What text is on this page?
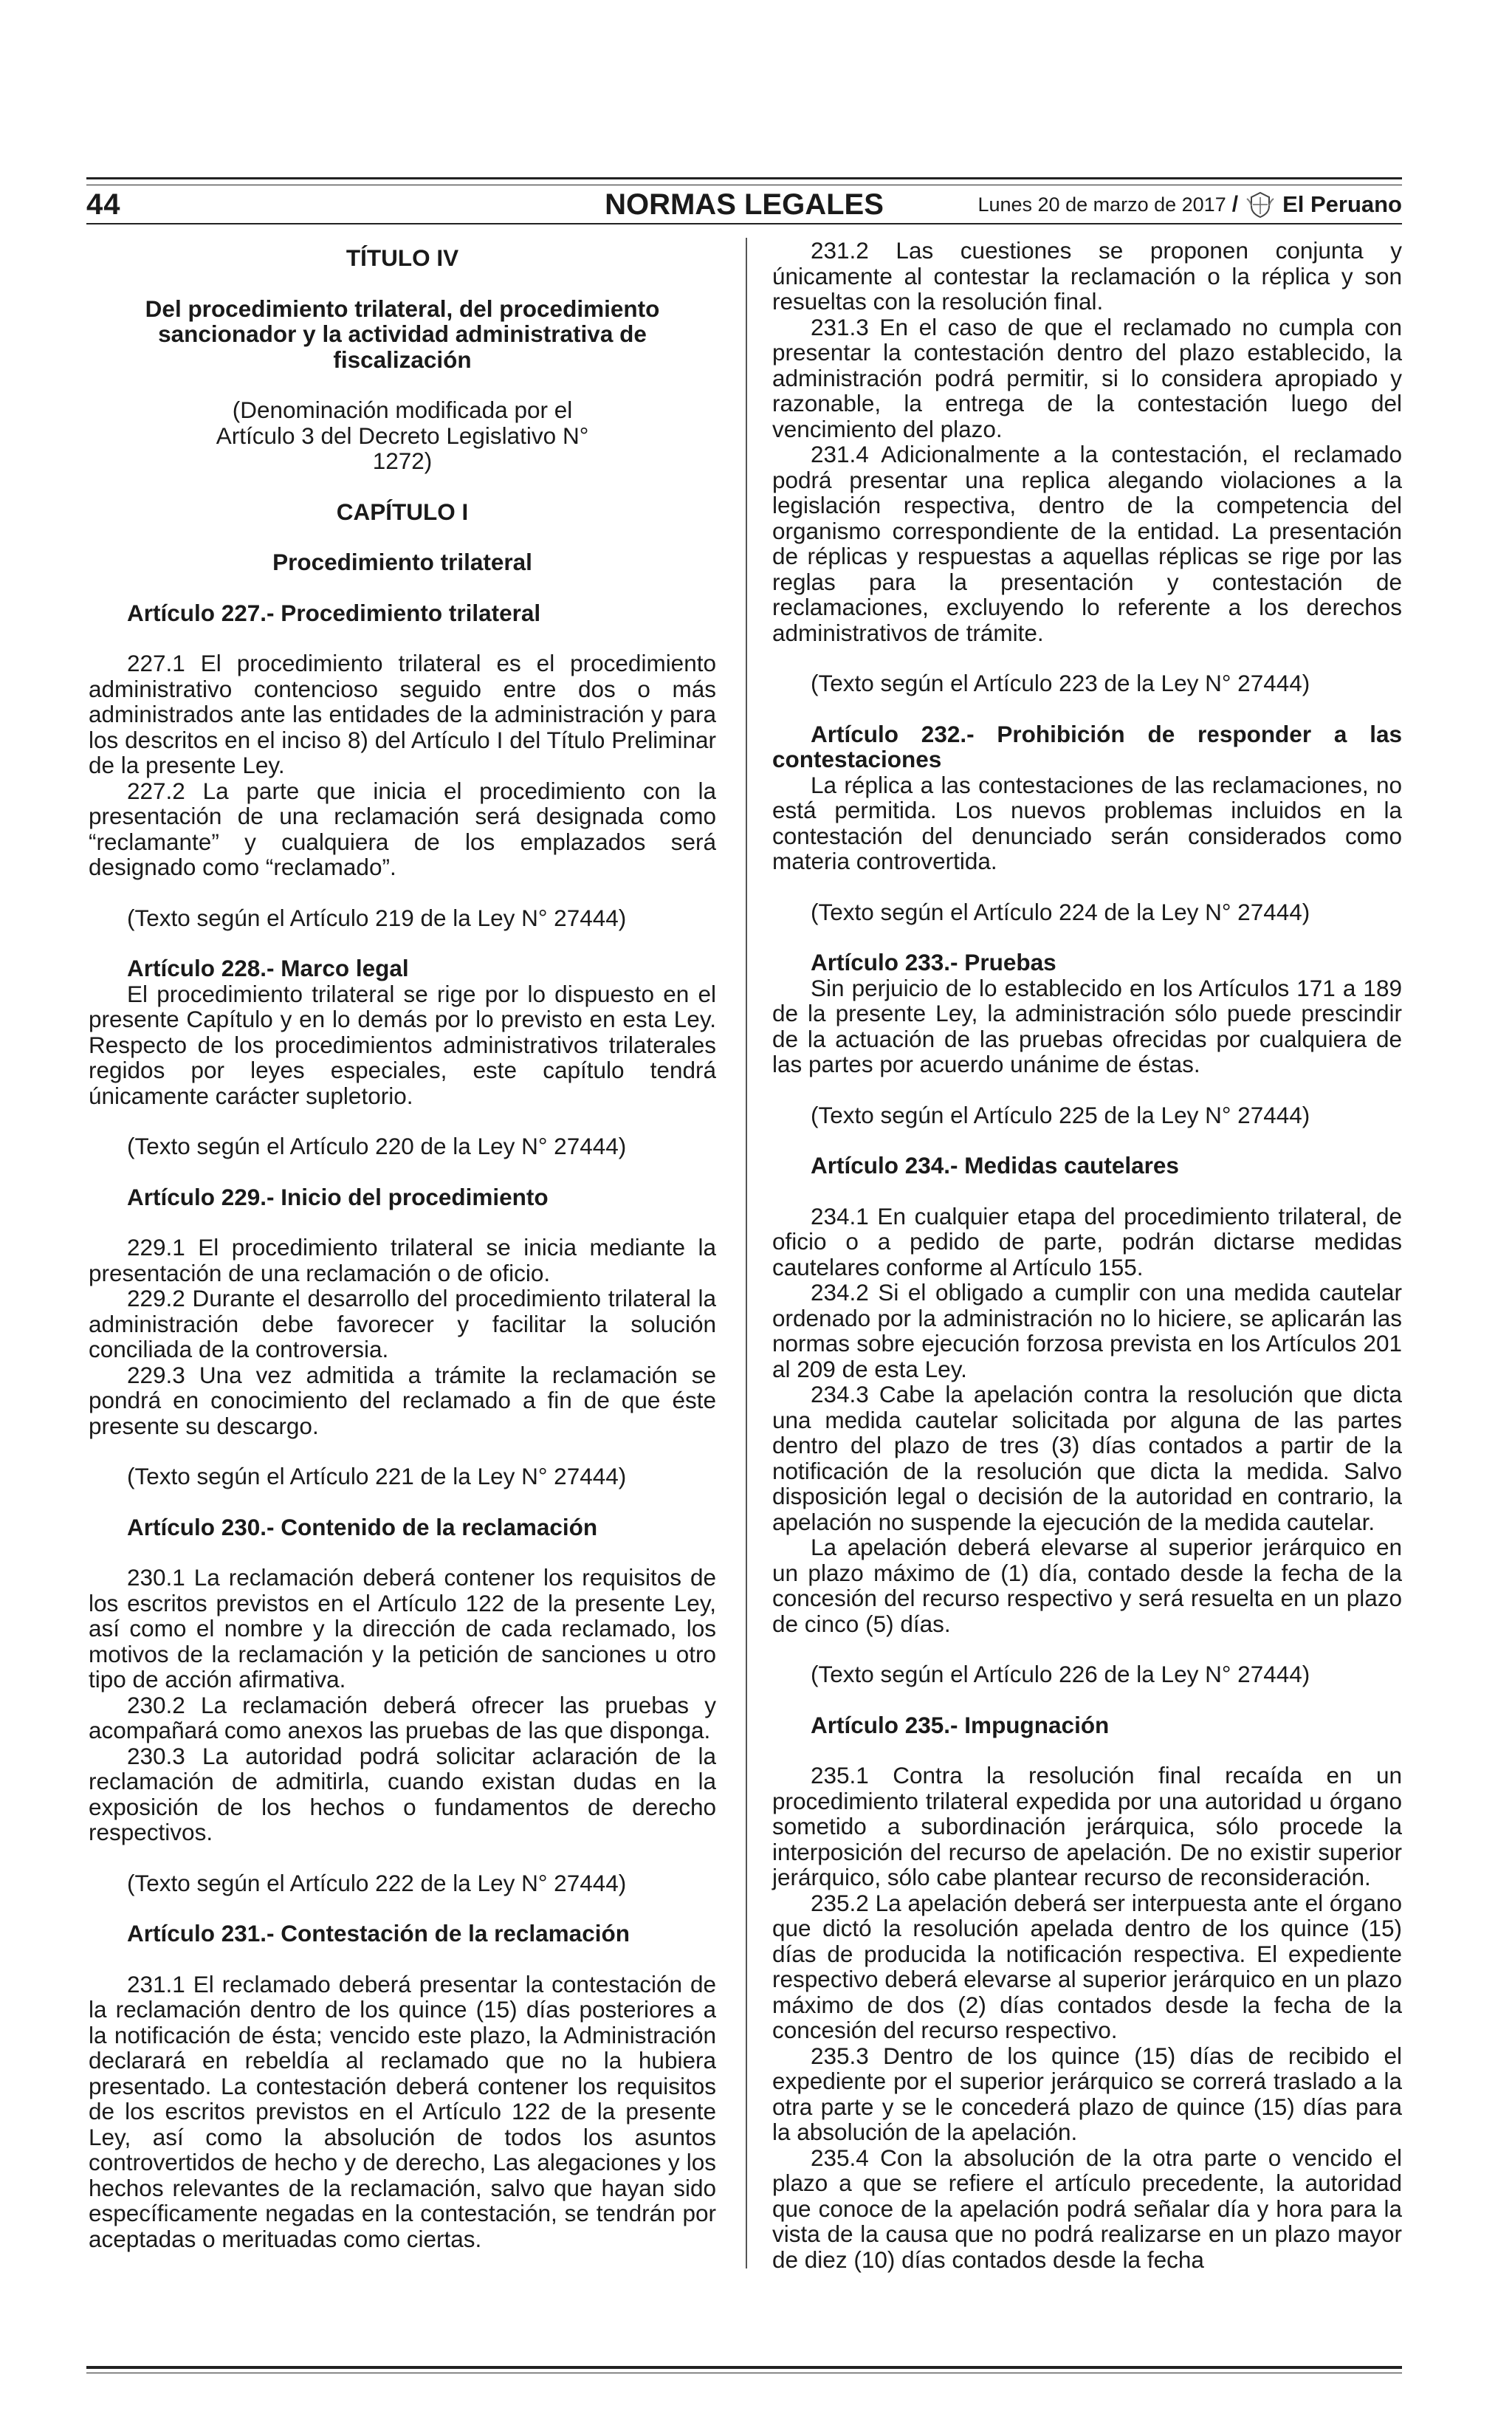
44	NORMAS LEGALES	Lunes 20 de marzo de 2017 / El Peruano

TÍTULO IV

Del procedimiento trilateral, del procedimiento sancionador y la actividad administrativa de fiscalización

(Denominación modificada por el Artículo 3 del Decreto Legislativo N° 1272)

CAPÍTULO I

Procedimiento trilateral

Artículo 227.- Procedimiento trilateral

227.1 El procedimiento trilateral es el procedimiento administrativo contencioso seguido entre dos o más administrados ante las entidades de la administración y para los descritos en el inciso 8) del Artículo I del Título Preliminar de la presente Ley.

227.2 La parte que inicia el procedimiento con la presentación de una reclamación será designada como “reclamante” y cualquiera de los emplazados será designado como “reclamado”.

(Texto según el Artículo 219 de la Ley N° 27444)

Artículo 228.- Marco legal

El procedimiento trilateral se rige por lo dispuesto en el presente Capítulo y en lo demás por lo previsto en esta Ley. Respecto de los procedimientos administrativos trilaterales regidos por leyes especiales, este capítulo tendrá únicamente carácter supletorio.

(Texto según el Artículo 220 de la Ley N° 27444)

Artículo 229.- Inicio del procedimiento

229.1 El procedimiento trilateral se inicia mediante la presentación de una reclamación o de oficio.

229.2 Durante el desarrollo del procedimiento trilateral la administración debe favorecer y facilitar la solución conciliada de la controversia.

229.3 Una vez admitida a trámite la reclamación se pondrá en conocimiento del reclamado a fin de que éste presente su descargo.

(Texto según el Artículo 221 de la Ley N° 27444)

Artículo 230.- Contenido de la reclamación

230.1 La reclamación deberá contener los requisitos de los escritos previstos en el Artículo 122 de la presente Ley, así como el nombre y la dirección de cada reclamado, los motivos de la reclamación y la petición de sanciones u otro tipo de acción afirmativa.

230.2 La reclamación deberá ofrecer las pruebas y acompañará como anexos las pruebas de las que disponga.

230.3 La autoridad podrá solicitar aclaración de la reclamación de admitirla, cuando existan dudas en la exposición de los hechos o fundamentos de derecho respectivos.

(Texto según el Artículo 222 de la Ley N° 27444)

Artículo 231.- Contestación de la reclamación

231.1 El reclamado deberá presentar la contestación de la reclamación dentro de los quince (15) días posteriores a la notificación de ésta; vencido este plazo, la Administración declarará en rebeldía al reclamado que no la hubiera presentado. La contestación deberá contener los requisitos de los escritos previstos en el Artículo 122 de la presente Ley, así como la absolución de todos los asuntos controvertidos de hecho y de derecho, Las alegaciones y los hechos relevantes de la reclamación, salvo que hayan sido específicamente negadas en la contestación, se tendrán por aceptadas o merituadas como ciertas.

231.2 Las cuestiones se proponen conjunta y únicamente al contestar la reclamación o la réplica y son resueltas con la resolución final.

231.3 En el caso de que el reclamado no cumpla con presentar la contestación dentro del plazo establecido, la administración podrá permitir, si lo considera apropiado y razonable, la entrega de la contestación luego del vencimiento del plazo.

231.4 Adicionalmente a la contestación, el reclamado podrá presentar una replica alegando violaciones a la legislación respectiva, dentro de la competencia del organismo correspondiente de la entidad. La presentación de réplicas y respuestas a aquellas réplicas se rige por las reglas para la presentación y contestación de reclamaciones, excluyendo lo referente a los derechos administrativos de trámite.

(Texto según el Artículo 223 de la Ley N° 27444)

Artículo 232.- Prohibición de responder a las contestaciones

La réplica a las contestaciones de las reclamaciones, no está permitida. Los nuevos problemas incluidos en la contestación del denunciado serán considerados como materia controvertida.

(Texto según el Artículo 224 de la Ley N° 27444)

Artículo 233.- Pruebas

Sin perjuicio de lo establecido en los Artículos 171 a 189 de la presente Ley, la administración sólo puede prescindir de la actuación de las pruebas ofrecidas por cualquiera de las partes por acuerdo unánime de éstas.

(Texto según el Artículo 225 de la Ley N° 27444)

Artículo 234.- Medidas cautelares

234.1 En cualquier etapa del procedimiento trilateral, de oficio o a pedido de parte, podrán dictarse medidas cautelares conforme al Artículo 155.

234.2 Si el obligado a cumplir con una medida cautelar ordenado por la administración no lo hiciere, se aplicarán las normas sobre ejecución forzosa prevista en los Artículos 201 al 209 de esta Ley.

234.3 Cabe la apelación contra la resolución que dicta una medida cautelar solicitada por alguna de las partes dentro del plazo de tres (3) días contados a partir de la notificación de la resolución que dicta la medida. Salvo disposición legal o decisión de la autoridad en contrario, la apelación no suspende la ejecución de la medida cautelar.

La apelación deberá elevarse al superior jerárquico en un plazo máximo de (1) día, contado desde la fecha de la concesión del recurso respectivo y será resuelta en un plazo de cinco (5) días.

(Texto según el Artículo 226 de la Ley N° 27444)

Artículo 235.- Impugnación

235.1 Contra la resolución final recaída en un procedimiento trilateral expedida por una autoridad u órgano sometido a subordinación jerárquica, sólo procede la interposición del recurso de apelación. De no existir superior jerárquico, sólo cabe plantear recurso de reconsideración.

235.2 La apelación deberá ser interpuesta ante el órgano que dictó la resolución apelada dentro de los quince (15) días de producida la notificación respectiva. El expediente respectivo deberá elevarse al superior jerárquico en un plazo máximo de dos (2) días contados desde la fecha de la concesión del recurso respectivo.

235.3 Dentro de los quince (15) días de recibido el expediente por el superior jerárquico se correrá traslado a la otra parte y se le concederá plazo de quince (15) días para la absolución de la apelación.

235.4 Con la absolución de la otra parte o vencido el plazo a que se refiere el artículo precedente, la autoridad que conoce de la apelación podrá señalar día y hora para la vista de la causa que no podrá realizarse en un plazo mayor de diez (10) días contados desde la fecha
